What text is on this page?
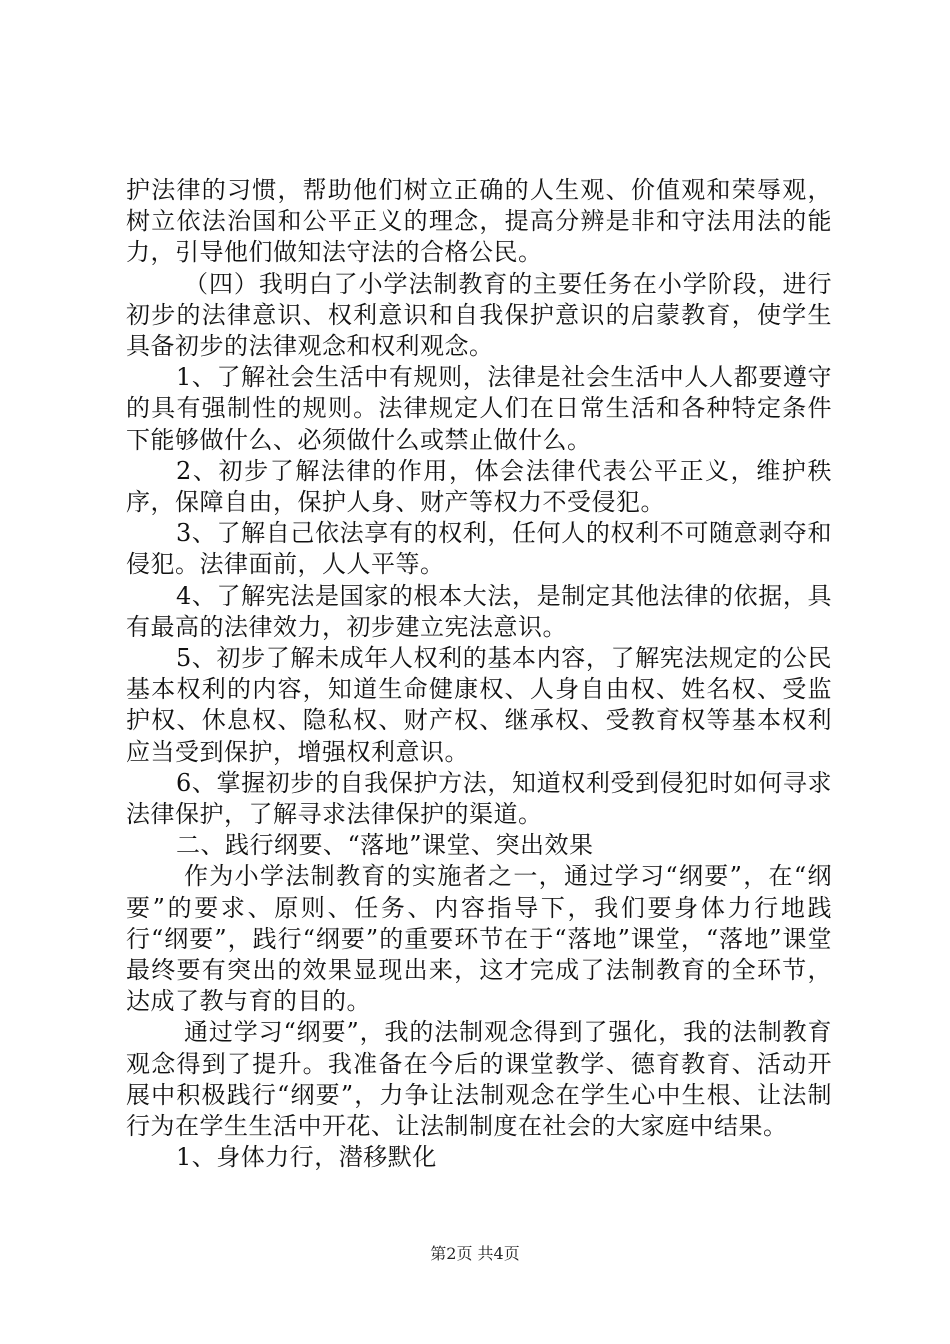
护法律的习惯，帮助他们树立正确的人生观、价值观和荣辱观，树立依法治国和公平正义的理念，提高分辨是非和守法用法的能力，引导他们做知法守法的合格公民。

（四）我明白了小学法制教育的主要任务在小学阶段，进行初步的法律意识、权利意识和自我保护意识的启蒙教育，使学生具备初步的法律观念和权利观念。

1、了解社会生活中有规则，法律是社会生活中人人都要遵守的具有强制性的规则。法律规定人们在日常生活和各种特定条件下能够做什么、必须做什么或禁止做什么。

2、初步了解法律的作用，体会法律代表公平正义，维护秩序，保障自由，保护人身、财产等权力不受侵犯。

3、了解自己依法享有的权利，任何人的权利不可随意剥夺和侵犯。法律面前，人人平等。

4、了解宪法是国家的根本大法，是制定其他法律的依据，具有最高的法律效力，初步建立宪法意识。

5、初步了解未成年人权利的基本内容，了解宪法规定的公民基本权利的内容，知道生命健康权、人身自由权、姓名权、受监护权、休息权、隐私权、财产权、继承权、受教育权等基本权利应当受到保护，增强权利意识。

6、掌握初步的自我保护方法，知道权利受到侵犯时如何寻求法律保护，了解寻求法律保护的渠道。

二、践行纲要、“落地”课堂、突出效果

作为小学法制教育的实施者之一，通过学习“纲要”，在“纲要”的要求、原则、任务、内容指导下，我们要身体力行地践行“纲要”，践行“纲要”的重要环节在于“落地”课堂，“落地”课堂最终要有突出的效果显现出来，这才完成了法制教育的全环节，达成了教与育的目的。

通过学习“纲要”，我的法制观念得到了强化，我的法制教育观念得到了提升。我准备在今后的课堂教学、德育教育、活动开展中积极践行“纲要”，力争让法制观念在学生心中生根、让法制行为在学生生活中开花、让法制制度在社会的大家庭中结果。

1、身体力行，潜移默化

第2页 共4页
